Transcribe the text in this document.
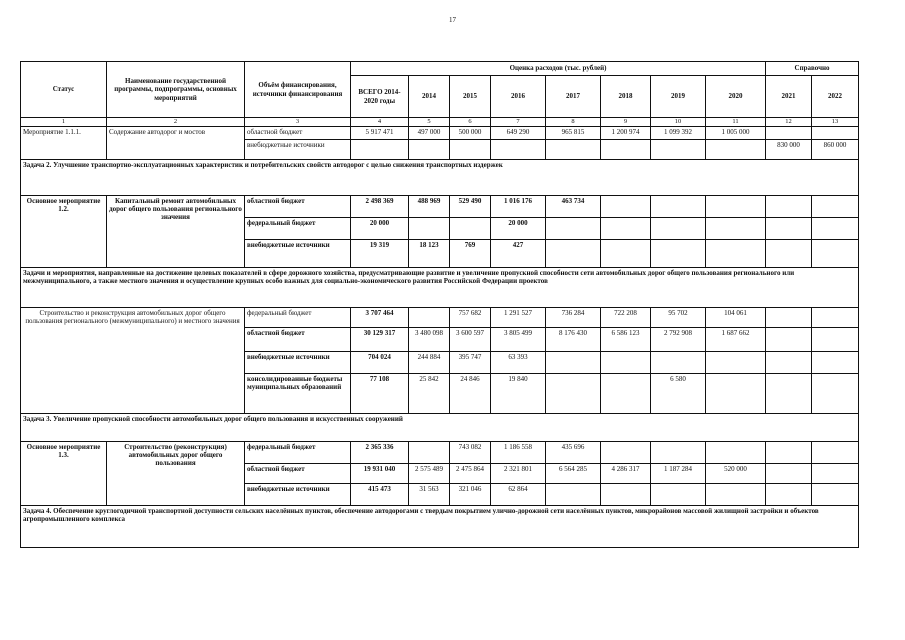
17
Статус	Наименование государственной программы, подпрограммы, основных мероприятий	Объём финансирования, источники финансирования	Оценка расходов (тыс. рублей)								Справочно	
			ВСЕГО 2014-2020 годы	2014	2015	2016	2017	2018	2019	2020	2021	2022
1	2	3	4	5	6	7	8	9	10	11	12	13
Мероприятие 1.1.1.	Содержание автодорог и мостов	областной бюджет	5 917 471	497 000	500 000	649 290	965 815	1 200 974	1 099 392	1 005 000		
		внебюджетные источники									830 000	860 000
Задача 2. Улучшение транспортно-эксплуатационных характеристик и потребительских свойств автодорог с целью снижения транспортных издержек												
Основное мероприятие 1.2.	Капитальный ремонт автомобильных дорог общего пользования региональногo значения	областной бюджет	2 498 369	488 969	529 490	1 016 176	463 734					
		федеральный бюджет	20 000			20 000						
		внебюджетные источники	19 319	18 123	769	427						
Задачи и мероприятия, направленные на достижение целевых показателей в сфере дорожного хозяйства, предусматривающие развитие и увеличение пропускной способности сети автомобильных дорог общего пользования регионального или межмуниципального, а также местного значения и осуществление крупных особо важных для социально-экономического развития Российской Федерации проектов												
Строительство и реконструкция автомобильных дорог общего пользования регионального (межмуниципального) и местного значения		федеральный бюджет	3 707 464		757 682	1 291 527	736 284	722 208	95 702	104 061		
		областной бюджет	30 129 317	3 480 098	3 600 597	3 805 499	8 176 430	6 586 123	2 792 908	1 687 662		
		внебюджетные источники	704 024	244 884	395 747	63 393						
		консолидированные бюджеты муниципальных образований	77 108	25 842	24 846	19 840			6 580			
Задача 3. Увеличение пропускной способности автомобильных дорог общего пользования и искусственных сооружений												
Основное мероприятие 1.3.	Строительство (реконструкция) автомобильных дорог общего пользования	федеральный бюджет	2 365 336		743 082	1 186 558	435 696					
		областной бюджет	19 931 040	2 575 489	2 475 864	2 321 801	6 564 285	4 286 317	1 187 284	520 000		
		внебюджетные источники	415 473	31 563	321 046	62 864						
Задача 4. Обеспечение круглогодичной транспортной доступности сельских населённых пунктов, обеспечение автодорогами с твердым покрытием улично-дорожной сети населённых пунктов, микрорайонов массовой жилищной застройки и объектов агропромышленного комплекса												
